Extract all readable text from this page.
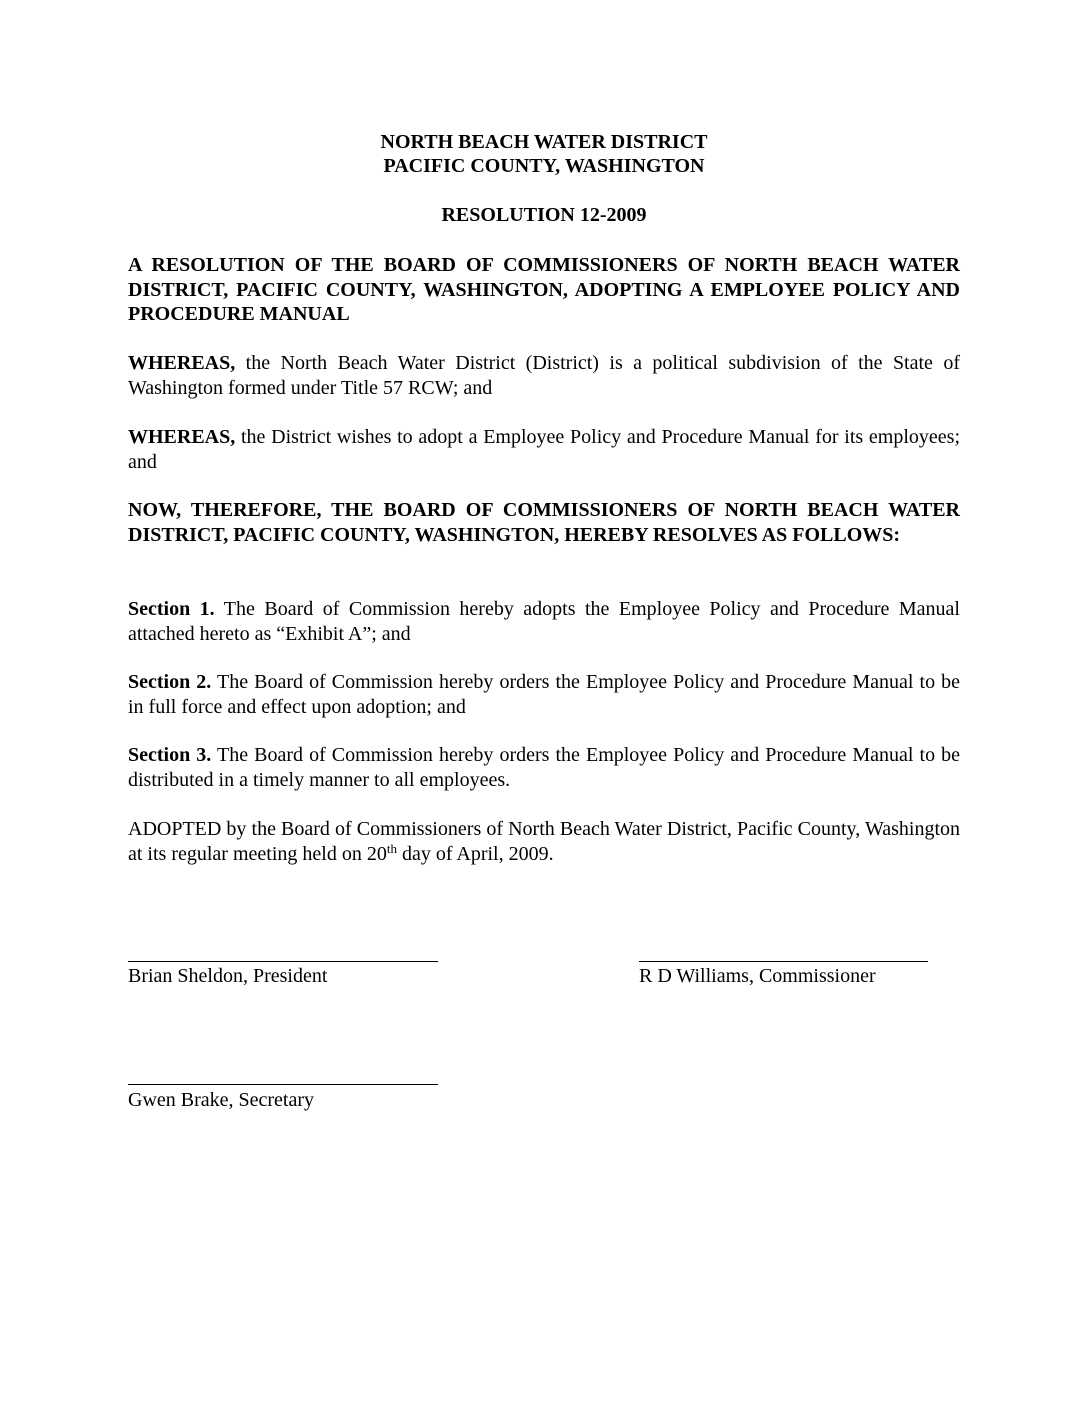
NORTH BEACH WATER DISTRICT
PACIFIC COUNTY, WASHINGTON
RESOLUTION 12-2009
A RESOLUTION OF THE BOARD OF COMMISSIONERS OF NORTH BEACH WATER DISTRICT, PACIFIC COUNTY, WASHINGTON, ADOPTING A EMPLOYEE POLICY AND PROCEDURE MANUAL
WHEREAS, the North Beach Water District (District) is a political subdivision of the State of Washington formed under Title 57 RCW; and
WHEREAS, the District wishes to adopt a Employee Policy and Procedure Manual for its employees; and
NOW, THEREFORE, THE BOARD OF COMMISSIONERS OF NORTH BEACH WATER DISTRICT, PACIFIC COUNTY, WASHINGTON, HEREBY RESOLVES AS FOLLOWS:
Section 1. The Board of Commission hereby adopts the Employee Policy and Procedure Manual attached hereto as “Exhibit A”; and
Section 2. The Board of Commission hereby orders the Employee Policy and Procedure Manual to be in full force and effect upon adoption; and
Section 3. The Board of Commission hereby orders the Employee Policy and Procedure Manual to be distributed in a timely manner to all employees.
ADOPTED by the Board of Commissioners of North Beach Water District, Pacific County, Washington at its regular meeting held on 20th day of April, 2009.
Brian Sheldon, President	R D Williams, Commissioner
Gwen Brake, Secretary
